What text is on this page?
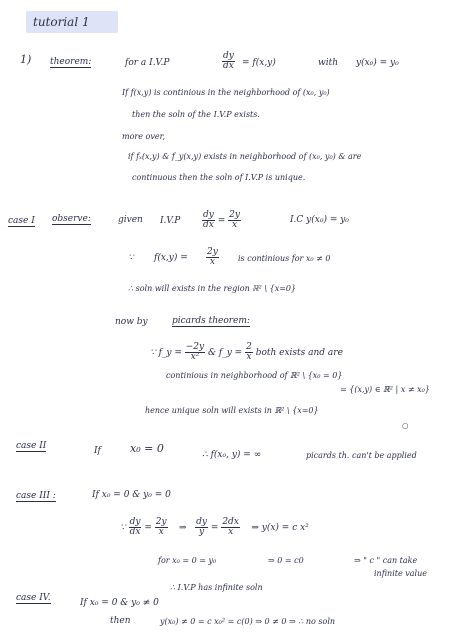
tutorial 1
1) theorem:	for a I.V.P	$\frac{dy}{dx} = f(x,y)$	with y(x₀) = y₀
If f(x,y) is continious in the neighborhood of (x₀, y₀)
then the soln of the I.V.P exists.
more over,
if fₓ(x,y) & f_y(x,y) exists in neighborhood of (x₀, y₀) & are
continuous then the soln of I.V.P is unique.
case I observe:	given $I.V.P \frac{dy}{dx} = \frac{2y}{x}$	I.C y(x₀) = y₀
∵ $f(x,y) = \frac{2y}{x}$ is continious for x₀ ≠ 0
∴ soln will exists in the region ℝ² \ {x=0}
now by	picards theorem:
∵ f_y = $\frac{-2y}{\text{x²}}$ & f_y = $\frac{2}{x}$ both exists and are
continious in neighborhood of ℝ² \ {x₀ = 0}
= {(x,y) ∈ ℝ² | x ≠ x₀}
hence unique soln will exists in ℝ² \ {x=0}
○
case II	If	x₀ = 0	∴ f(x₀, y) = ∞	picards th. can't be applied
case III :	If x₀ = 0 & y₀ = 0
∵ $\frac{dy}{dx} = \frac{2y}{x}$ ⇒ $\frac{dy}{y} = \frac{2dx}{x}$ ⇒ y(x) = c x²
for x₀ = 0 = y₀	⇒ 0 = c0	⇒ " c " can take
infinite value
∴ I.V.P has infinite soln
case IV.	If x₀ = 0 & y₀ ≠ 0
then	y(x₀) ≠ 0 = c x₀² = c(0) ⇒ 0 ≠ 0 ⇒ ∴ no soln
